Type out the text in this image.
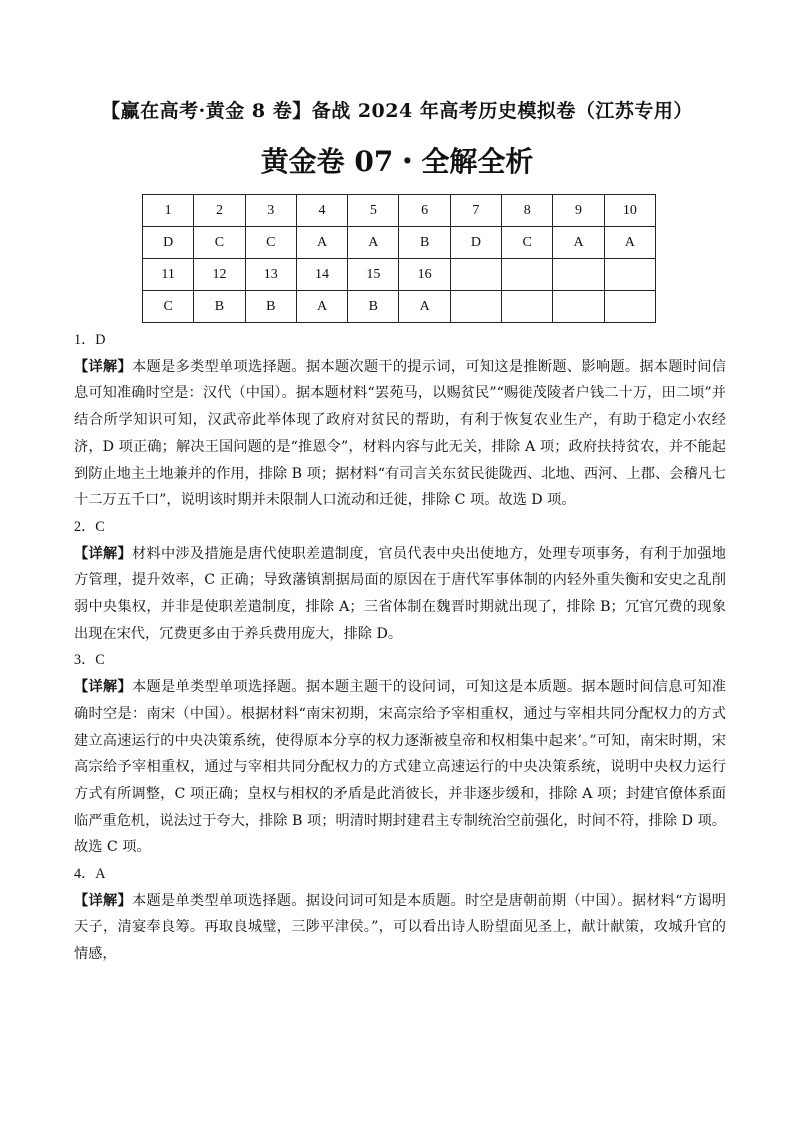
【赢在高考·黄金 8 卷】备战 2024 年高考历史模拟卷（江苏专用）
黄金卷 07・全解全析
1	2	3	4	5	6	7	8	9	10
D	C	C	A	A	B	D	C	A	A
11	12	13	14	15	16				
C	B	B	A	B	A				

1．D

【详解】本题是多类型单项选择题。据本题次题干的提示词，可知这是推断题、影响题。据本题时间信息可知准确时空是：汉代（中国）。据本题材料“罢苑马，以赐贫民”“赐徙茂陵者户钱二十万，田二顷”并结合所学知识可知，汉武帝此举体现了政府对贫民的帮助，有利于恢复农业生产，有助于稳定小农经济，D 项正确；解决王国问题的是“推恩令”，材料内容与此无关，排除 A 项；政府扶持贫农，并不能起到防止地主土地兼并的作用，排除 B 项；据材料“有司言关东贫民徙陇西、北地、西河、上郡、会稽凡七十二万五千口”，说明该时期并未限制人口流动和迁徙，排除 C 项。故选 D 项。

2．C

【详解】材料中涉及措施是唐代使职差遣制度，官员代表中央出使地方，处理专项事务，有利于加强地方管理，提升效率，C 正确；导致藩镇割据局面的原因在于唐代军事体制的内轻外重失衡和安史之乱削弱中央集权，并非是使职差遣制度，排除 A；三省体制在魏晋时期就出现了，排除 B；冗官冗费的现象出现在宋代，冗费更多由于养兵费用庞大，排除 D。

3．C

【详解】本题是单类型单项选择题。据本题主题干的设问词，可知这是本质题。据本题时间信息可知准确时空是：南宋（中国）。根据材料“南宋初期，宋高宗给予宰相重权，通过与宰相共同分配权力的方式建立高速运行的中央决策系统，使得原本分享的权力逐渐被皇帝和权相集中起来’。”可知，南宋时期，宋高宗给予宰相重权，通过与宰相共同分配权力的方式建立高速运行的中央决策系统，说明中央权力运行方式有所调整，C 项正确；皇权与相权的矛盾是此消彼长，并非逐步缓和，排除 A 项；封建官僚体系面临严重危机，说法过于夸大，排除 B 项；明清时期封建君主专制统治空前强化，时间不符，排除 D 项。故选 C 项。

4．A

【详解】本题是单类型单项选择题。据设问词可知是本质题。时空是唐朝前期（中国）。据材料“方谒明天子，清宴奉良筹。再取良城璧，三陟平津侯。”，可以看出诗人盼望面见圣上，献计献策，攻城升官的情感，
